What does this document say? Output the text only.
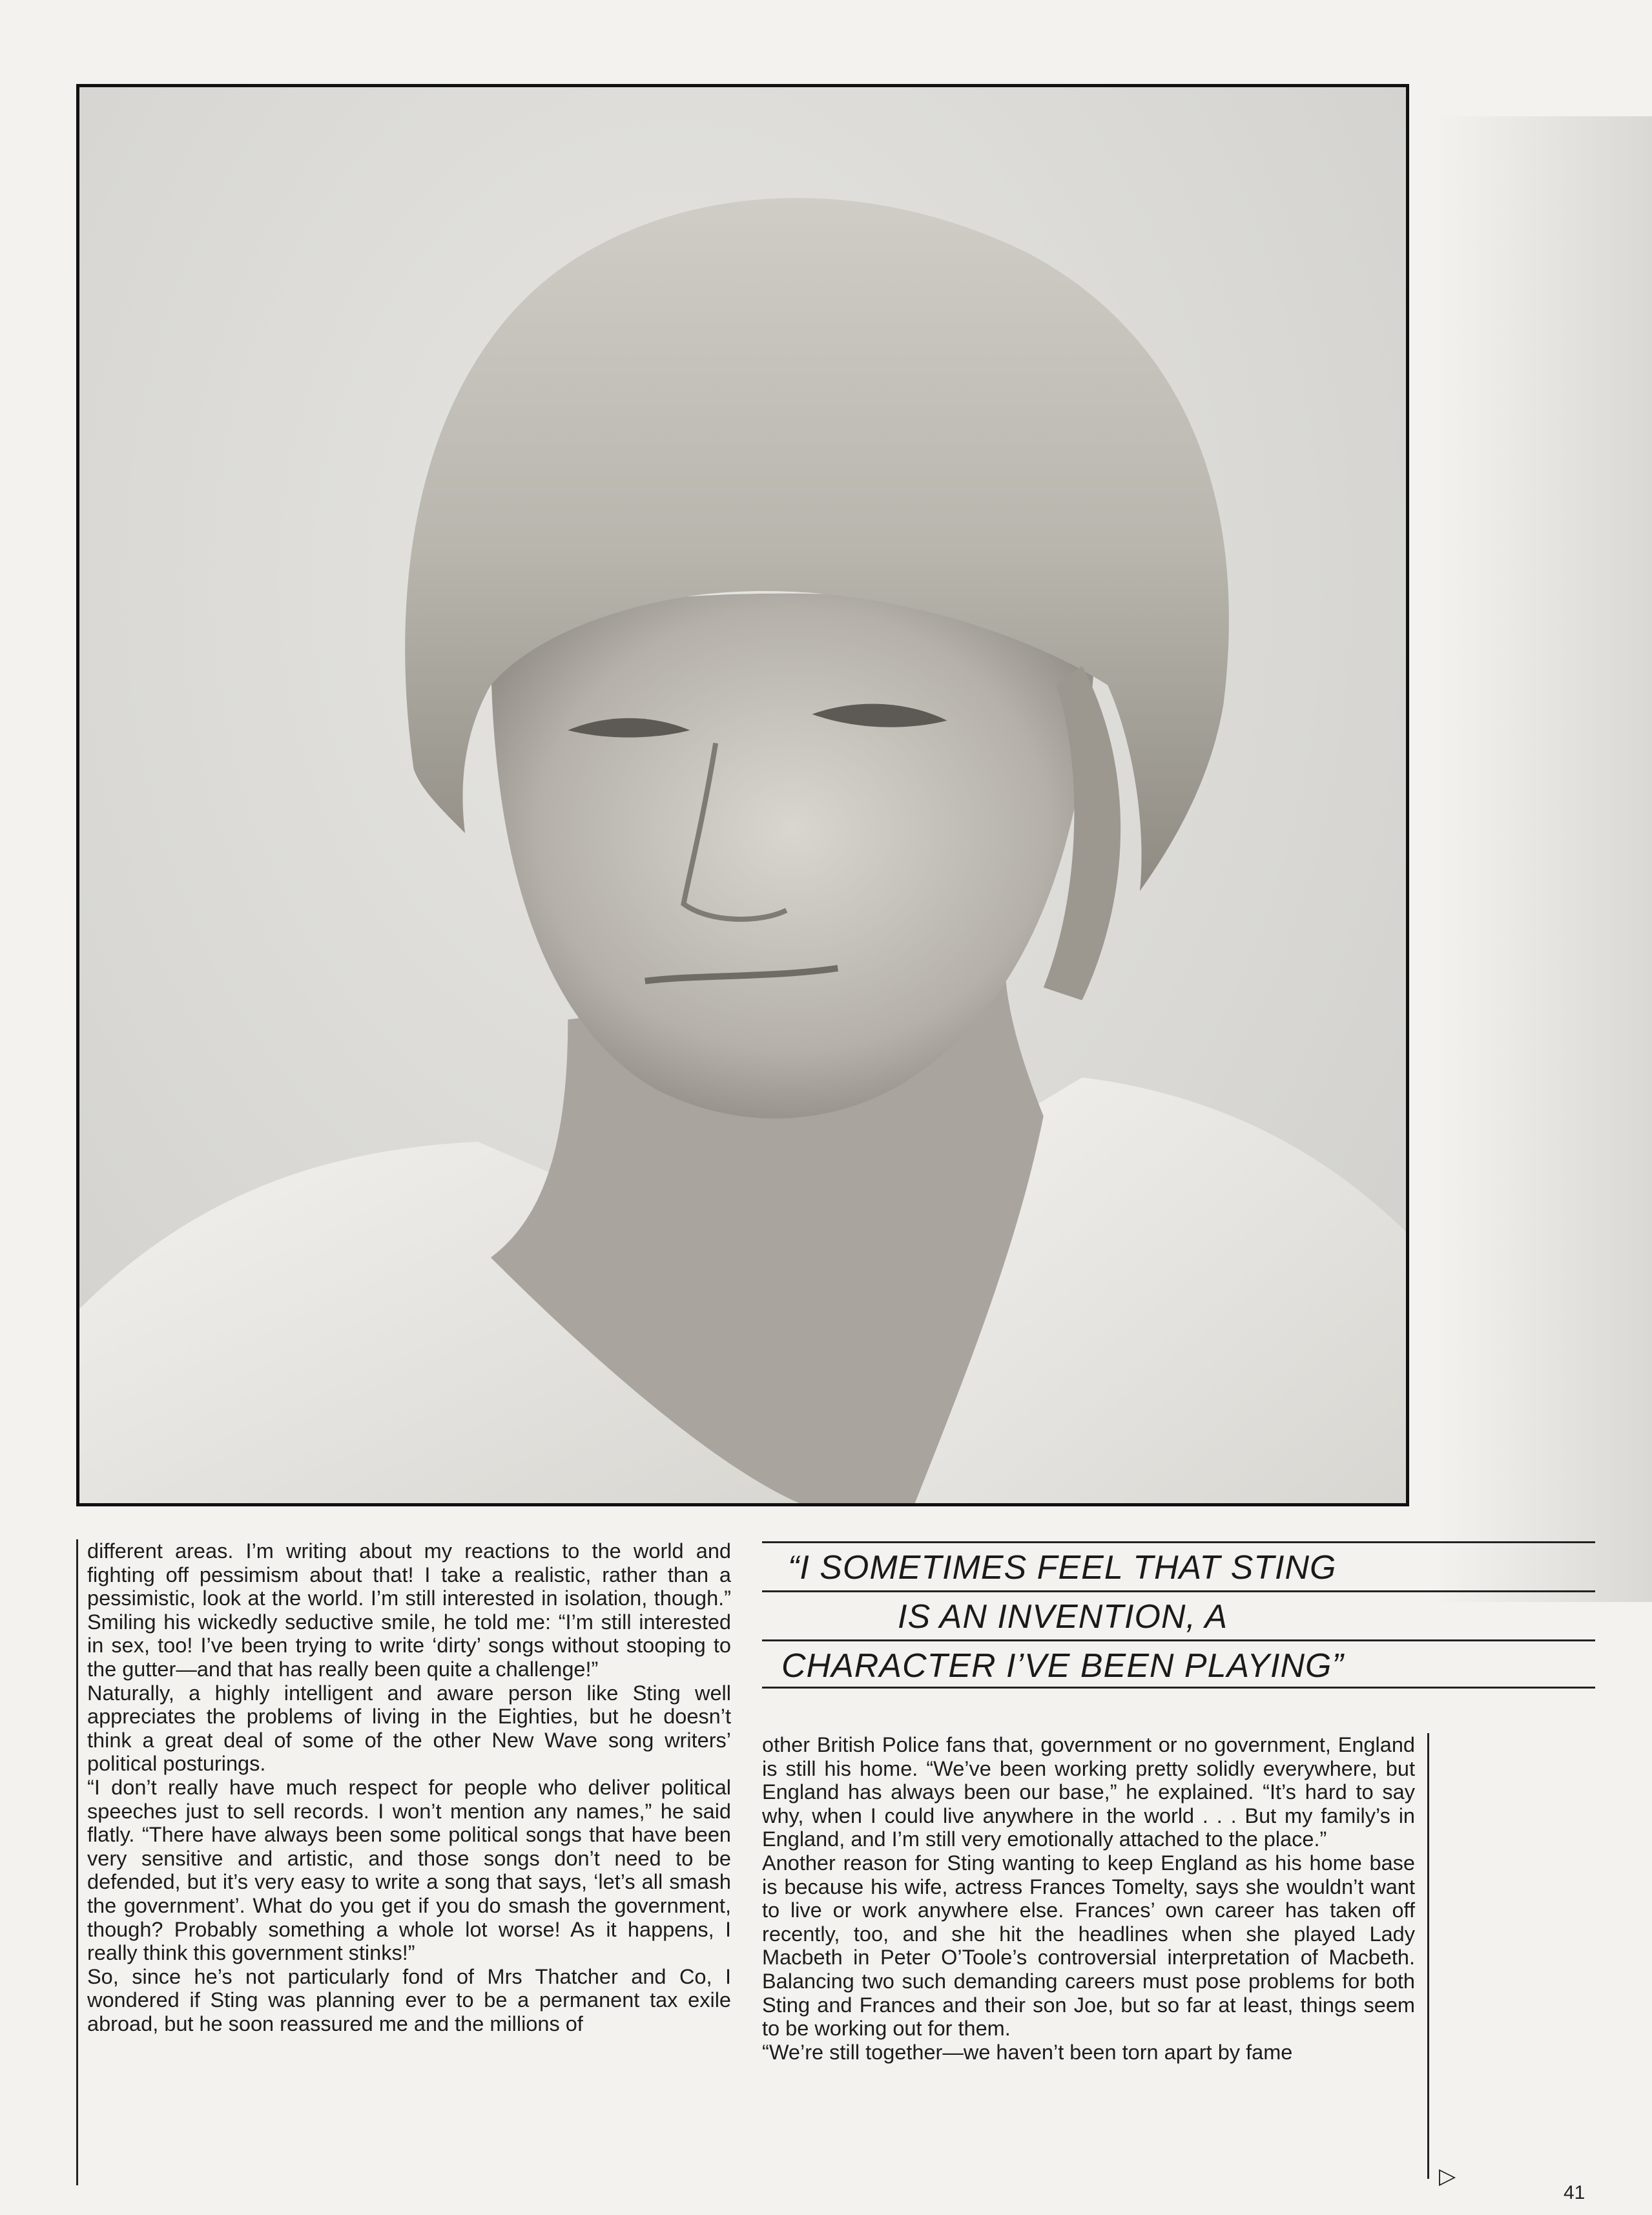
different areas. I’m writing about my reactions to the world and fighting off pessimism about that! I take a realistic, rather than a pessimistic, look at the world. I’m still interested in isolation, though.” Smiling his wickedly seductive smile, he told me: “I’m still interested in sex, too! I’ve been trying to write ‘dirty’ songs without stooping to the gutter—and that has really been quite a challenge!”

Naturally, a highly intelligent and aware person like Sting well appreciates the problems of living in the Eighties, but he doesn’t think a great deal of some of the other New Wave song writers’ political posturings.

“I don’t really have much respect for people who deliver political speeches just to sell records. I won’t mention any names,” he said flatly. “There have always been some political songs that have been very sensitive and artistic, and those songs don’t need to be defended, but it’s very easy to write a song that says, ‘let’s all smash the government’. What do you get if you do smash the government, though? Probably something a whole lot worse! As it happens, I really think this government stinks!”

So, since he’s not particularly fond of Mrs Thatcher and Co, I wondered if Sting was planning ever to be a permanent tax exile abroad, but he soon reassured me and the millions of

“I SOMETIMES FEEL THAT STING
IS AN INVENTION, A
CHARACTER I’VE BEEN PLAYING”

other British Police fans that, government or no government, England is still his home. “We’ve been working pretty solidly everywhere, but England has always been our base,” he explained. “It’s hard to say why, when I could live anywhere in the world . . . But my family’s in England, and I’m still very emotionally attached to the place.”

Another reason for Sting wanting to keep England as his home base is because his wife, actress Frances Tomelty, says she wouldn’t want to live or work anywhere else. Frances’ own career has taken off recently, too, and she hit the headlines when she played Lady Macbeth in Peter O’Toole’s controversial interpretation of Macbeth. Balancing two such demanding careers must pose problems for both Sting and Frances and their son Joe, but so far at least, things seem to be working out for them.

“We’re still together—we haven’t been torn apart by fame

▷
41
